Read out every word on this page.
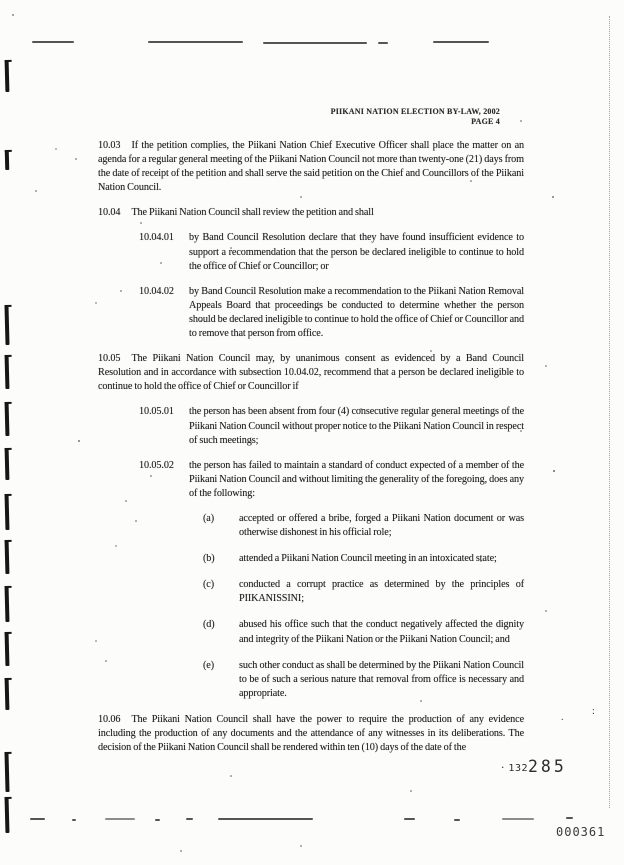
PIIKANI NATION ELECTION BY-LAW, 2002
PAGE 4

10.03 If the petition complies, the Piikani Nation Chief Executive Officer shall place the matter on an agenda for a regular general meeting of the Piikani Nation Council not more than twenty-one (21) days from the date of receipt of the petition and shall serve the said petition on the Chief and Councillors of the Piikani Nation Council.

10.04 The Piikani Nation Council shall review the petition and shall

10.04.01	by Band Council Resolution declare that they have found insufficient evidence to support a recommendation that the person be declared ineligible to continue to hold the office of Chief or Councillor; or
10.04.02	by Band Council Resolution make a recommendation to the Piikani Nation Removal Appeals Board that proceedings be conducted to determine whether the person should be declared ineligible to continue to hold the office of Chief or Councillor and to remove that person from office.

10.05 The Piikani Nation Council may, by unanimous consent as evidenced by a Band Council Resolution and in accordance with subsection 10.04.02, recommend that a person be declared ineligible to continue to hold the office of Chief or Councillor if

10.05.01	the person has been absent from four (4) consecutive regular general meetings of the Piikani Nation Council without proper notice to the Piikani Nation Council in respect of such meetings;
10.05.02	the person has failed to maintain a standard of conduct expected of a member of the Piikani Nation Council and without limiting the generality of the foregoing, does any of the following:
(a)	accepted or offered a bribe, forged a Piikani Nation document or was otherwise dishonest in his official role;
(b)	attended a Piikani Nation Council meeting in an intoxicated state;
(c)	conducted a corrupt practice as determined by the principles of PIIKANISSINI;
(d)	abused his office such that the conduct negatively affected the dignity and integrity of the Piikani Nation or the Piikani Nation Council; and
(e)	such other conduct as shall be determined by the Piikani Nation Council to be of such a serious nature that removal from office is necessary and appropriate.

10.06 The Piikani Nation Council shall have the power to require the production of any evidence including the production of any documents and the attendance of any witnesses in its deliberations. The decision of the Piikani Nation Council shall be rendered within ten (10) days of the date of the

:
.
. 132285
000361
